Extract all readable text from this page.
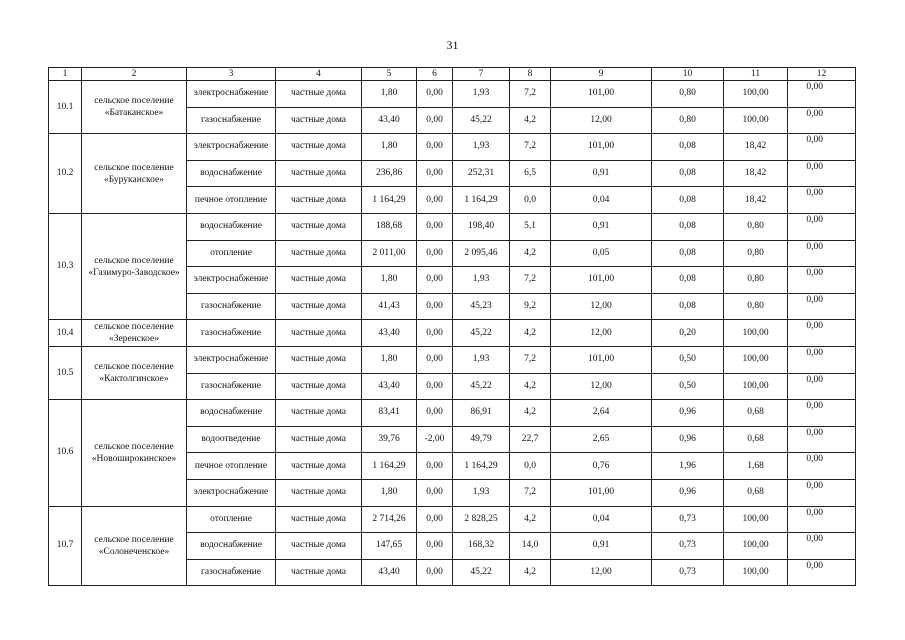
31
1	2	3	4	5	6	7	8	9	10	11	12
10.1	сельское поселение «Батаканское»	электроснабжение	частные дома	1,80	0,00	1,93	7,2	101,00	0,80	100,00	0,00

		газоснабжение	частные дома	43,40	0,00	45,22	4,2	12,00	0,80	100,00	0,00

10.2	сельское поселение «Буруканское»	электроснабжение	частные дома	1,80	0,00	1,93	7,2	101,00	0,08	18,42	0,00

		водоснабжение	частные дома	236,86	0,00	252,31	6,5	0,91	0,08	18,42	0,00

		печное отопление	частные дома	1 164,29	0,00	1 164,29	0,0	0,04	0,08	18,42	0,00

10.3	сельское поселение «Газимуро-Заводское»	водоснабжение	частные дома	188,68	0,00	198,40	5,1	0,91	0,08	0,80	0,00

		отопление	частные дома	2 011,00	0,00	2 095,46	4,2	0,05	0,08	0,80	0,00

		электроснабжение	частные дома	1,80	0,00	1,93	7,2	101,00	0,08	0,80	0,00

		газоснабжение	частные дома	41,43	0,00	45,23	9,2	12,00	0,08	0,80	0,00

10.4	сельское поселение «Зеренское»	газоснабжение	частные дома	43,40	0,00	45,22	4,2	12,00	0,20	100,00	0,00

10.5	сельское поселение «Кактолгинское»	электроснабжение	частные дома	1,80	0,00	1,93	7,2	101,00	0,50	100,00	0,00

		газоснабжение	частные дома	43,40	0,00	45,22	4,2	12,00	0,50	100,00	0,00

10.6	сельское поселение «Новоширокинское»	водоснабжение	частные дома	83,41	0,00	86,91	4,2	2,64	0,96	0,68	0,00

		водоотведение	частные дома	39,76	-2,00	49,79	22,7	2,65	0,96	0,68	0,00

		печное отопление	частные дома	1 164,29	0,00	1 164,29	0,0	0,76	1,96	1,68	0,00

		электроснабжение	частные дома	1,80	0,00	1,93	7,2	101,00	0,96	0,68	0,00

10.7	сельское поселение «Солонеченское»	отопление	частные дома	2 714,26	0,00	2 828,25	4,2	0,04	0,73	100,00	0,00

		водоснабжение	частные дома	147,65	0,00	168,32	14,0	0,91	0,73	100,00	0,00

		газоснабжение	частные дома	43,40	0,00	45,22	4,2	12,00	0,73	100,00	0,00
